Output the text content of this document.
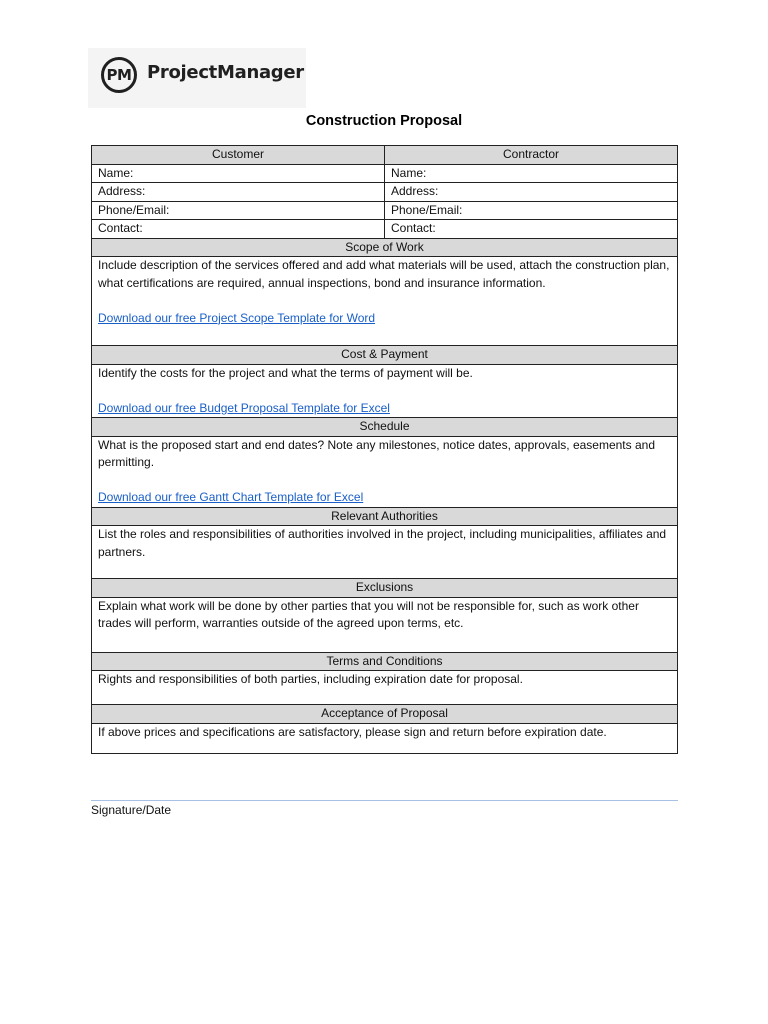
PM ProjectManager
Construction Proposal
Customer	Contractor
Name:	Name:
Address:	Address:
Phone/Email:	Phone/Email:
Contact:	Contact:
Scope of Work	

Include description of the services offered and add what materials will be used, attach the construction plan, what certifications are required, annual inspections, bond and insurance information.

Download our free Project Scope Template for Word	

Cost & Payment	

Identify the costs for the project and what the terms of payment will be.

Download our free Budget Proposal Template for Excel	

Schedule	

What is the proposed start and end dates? Note any milestones, notice dates, approvals, easements and permitting.

Download our free Gantt Chart Template for Excel	

Relevant Authorities	

List the roles and responsibilities of authorities involved in the project, including municipalities, affiliates and partners.	

Exclusions	

Explain what work will be done by other parties that you will not be responsible for, such as work other trades will perform, warranties outside of the agreed upon terms, etc.	

Terms and Conditions	

Rights and responsibilities of both parties, including expiration date for proposal.	

Acceptance of Proposal	

If above prices and specifications are satisfactory, please sign and return before expiration date.	

Signature/Date
